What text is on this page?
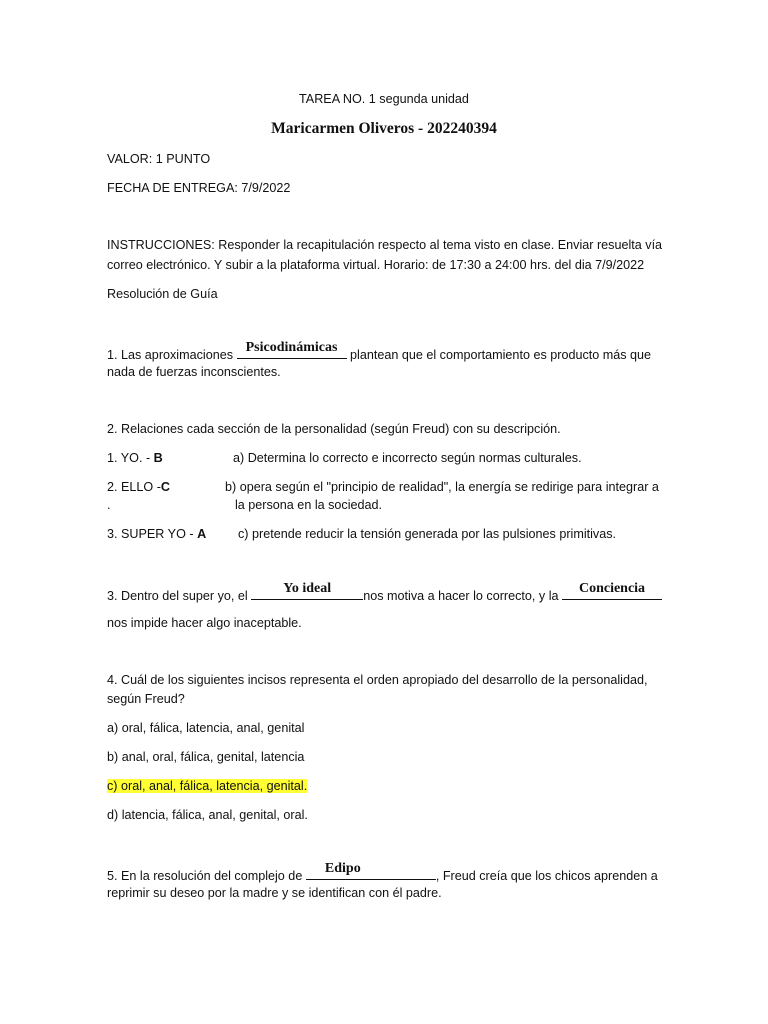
TAREA NO. 1 segunda unidad
Maricarmen Oliveros - 202240394
VALOR: 1 PUNTO
FECHA DE ENTREGA: 7/9/2022
INSTRUCCIONES: Responder la recapitulación respecto al tema visto en clase. Enviar resuelta vía
correo electrónico. Y subir a la plataforma virtual. Horario: de 17:30 a 24:00 hrs. del dia 7/9/2022
Resolución de Guía
1. Las aproximaciones Psicodinámicas plantean que el comportamiento es producto más que
nada de fuerzas inconscientes.
2. Relaciones cada sección de la personalidad (según Freud) con su descripción.
1. YO. - B	a) Determina lo correcto e incorrecto según normas culturales.
2. ELLO -C	b) opera según el "principio de realidad", la energía se redirige para integrar a
.	la persona en la sociedad.
3. SUPER YO - A	c) pretende reducir la tensión generada por las pulsiones primitivas.
3. Dentro del super yo, el	Yo ideal	nos motiva a hacer lo correcto, y la	Conciencia
nos impide hacer algo inaceptable.
4. Cuál de los siguientes incisos representa el orden apropiado del desarrollo de la personalidad,
según Freud?
a) oral, fálica, latencia, anal, genital
b) anal, oral, fálica, genital, latencia
c) oral, anal, fálica, latencia, genital.
d) latencia, fálica, anal, genital, oral.
5. En la resolución del complejo de	Edipo	, Freud creía que los chicos aprenden a
reprimir su deseo por la madre y se identifican con él padre.
